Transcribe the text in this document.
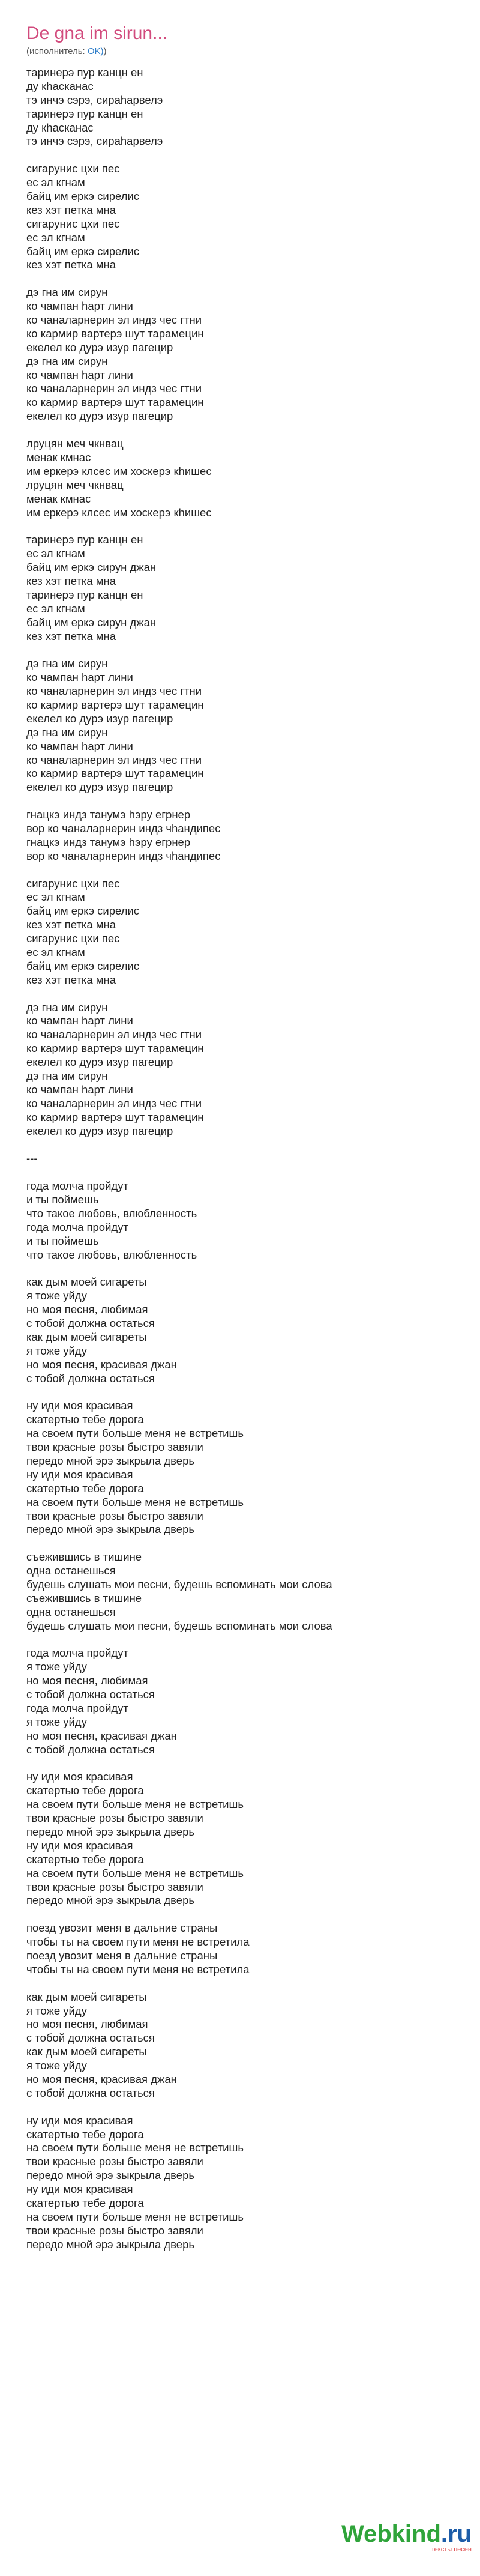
De gna im sirun...
(исполнитель: OK))
таринерэ пур канцн ен
ду кhасканас
тэ инчэ сэрэ, сираhарвелэ
таринерэ пур канцн ен
ду кhасканас
тэ инчэ сэрэ, сираhарвелэ
сигарунис цхи пес
ес эл кгнам
байц им еркэ сирелис
кез хэт петка мна
сигарунис цхи пес
ес эл кгнам
байц им еркэ сирелис
кез хэт петка мна
дэ гна им сирун
ко чампан hарт лини
ко чаналарнерин эл индз чес гтни
ко кармир вартерэ шут тарамецин
екелел ко дурэ изур пагецир
дэ гна им сирун
ко чампан hарт лини
ко чаналарнерин эл индз чес гтни
ко кармир вартерэ шут тарамецин
екелел ко дурэ изур пагецир
лруцян меч чкнвац
менак кмнас
им еркерэ клсес им хоскерэ кhишес
лруцян меч чкнвац
менак кмнас
им еркерэ клсес им хоскерэ кhишес
таринерэ пур канцн ен
ес эл кгнам
байц им еркэ сирун джан
кез хэт петка мна
таринерэ пур канцн ен
ес эл кгнам
байц им еркэ сирун джан
кез хэт петка мна
дэ гна им сирун
ко чампан hарт лини
ко чаналарнерин эл индз чес гтни
ко кармир вартерэ шут тарамецин
екелел ко дурэ изур пагецир
дэ гна им сирун
ко чампан hарт лини
ко чаналарнерин эл индз чес гтни
ко кармир вартерэ шут тарамецин
екелел ко дурэ изур пагецир
гнацкэ индз танумэ hэру егрнер
вор ко чаналарнерин индз чhандипес
гнацкэ индз танумэ hэру егрнер
вор ко чаналарнерин индз чhандипес
сигарунис цхи пес
ес эл кгнам
байц им еркэ сирелис
кез хэт петка мна
сигарунис цхи пес
ес эл кгнам
байц им еркэ сирелис
кез хэт петка мна
дэ гна им сирун
ко чампан hарт лини
ко чаналарнерин эл индз чес гтни
ко кармир вартерэ шут тарамецин
екелел ко дурэ изур пагецир
дэ гна им сирун
ко чампан hарт лини
ко чаналарнерин эл индз чес гтни
ко кармир вартерэ шут тарамецин
екелел ко дурэ изур пагецир
---
года молча пройдут
и ты поймешь
что такое любовь, влюбленность
года молча пройдут
и ты поймешь
что такое любовь, влюбленность
как дым моей сигареты
я тоже уйду
но моя песня, любимая
с тобой должна остаться
как дым моей сигареты
я тоже уйду
но моя песня, красивая джан
с тобой должна остаться
ну иди моя красивая
скатертью тебе дорога
на своем пути больше меня не встретишь
твои красные розы быстро завяли
передо мной эрэ зыкрыла дверь
ну иди моя красивая
скатертью тебе дорога
на своем пути больше меня не встретишь
твои красные розы быстро завяли
передо мной эрэ зыкрыла дверь
съежившись в тишине
одна останешься
будешь слушать мои песни, будешь вспоминать мои слова
съежившись в тишине
одна останешься
будешь слушать мои песни, будешь вспоминать мои слова
года молча пройдут
я тоже уйду
но моя песня, любимая
с тобой должна остаться
года молча пройдут
я тоже уйду
но моя песня, красивая джан
с тобой должна остаться
ну иди моя красивая
скатертью тебе дорога
на своем пути больше меня не встретишь
твои красные розы быстро завяли
передо мной эрэ зыкрыла дверь
ну иди моя красивая
скатертью тебе дорога
на своем пути больше меня не встретишь
твои красные розы быстро завяли
передо мной эрэ зыкрыла дверь
поезд увозит меня в дальние страны
чтобы ты на своем пути меня не встретила
поезд увозит меня в дальние страны
чтобы ты на своем пути меня не встретила
как дым моей сигареты
я тоже уйду
но моя песня, любимая
с тобой должна остаться
как дым моей сигареты
я тоже уйду
но моя песня, красивая джан
с тобой должна остаться
ну иди моя красивая
скатертью тебе дорога
на своем пути больше меня не встретишь
твои красные розы быстро завяли
передо мной эрэ зыкрыла дверь
ну иди моя красивая
скатертью тебе дорога
на своем пути больше меня не встретишь
твои красные розы быстро завяли
передо мной эрэ зыкрыла дверь
Webkind.ru
тексты песен
